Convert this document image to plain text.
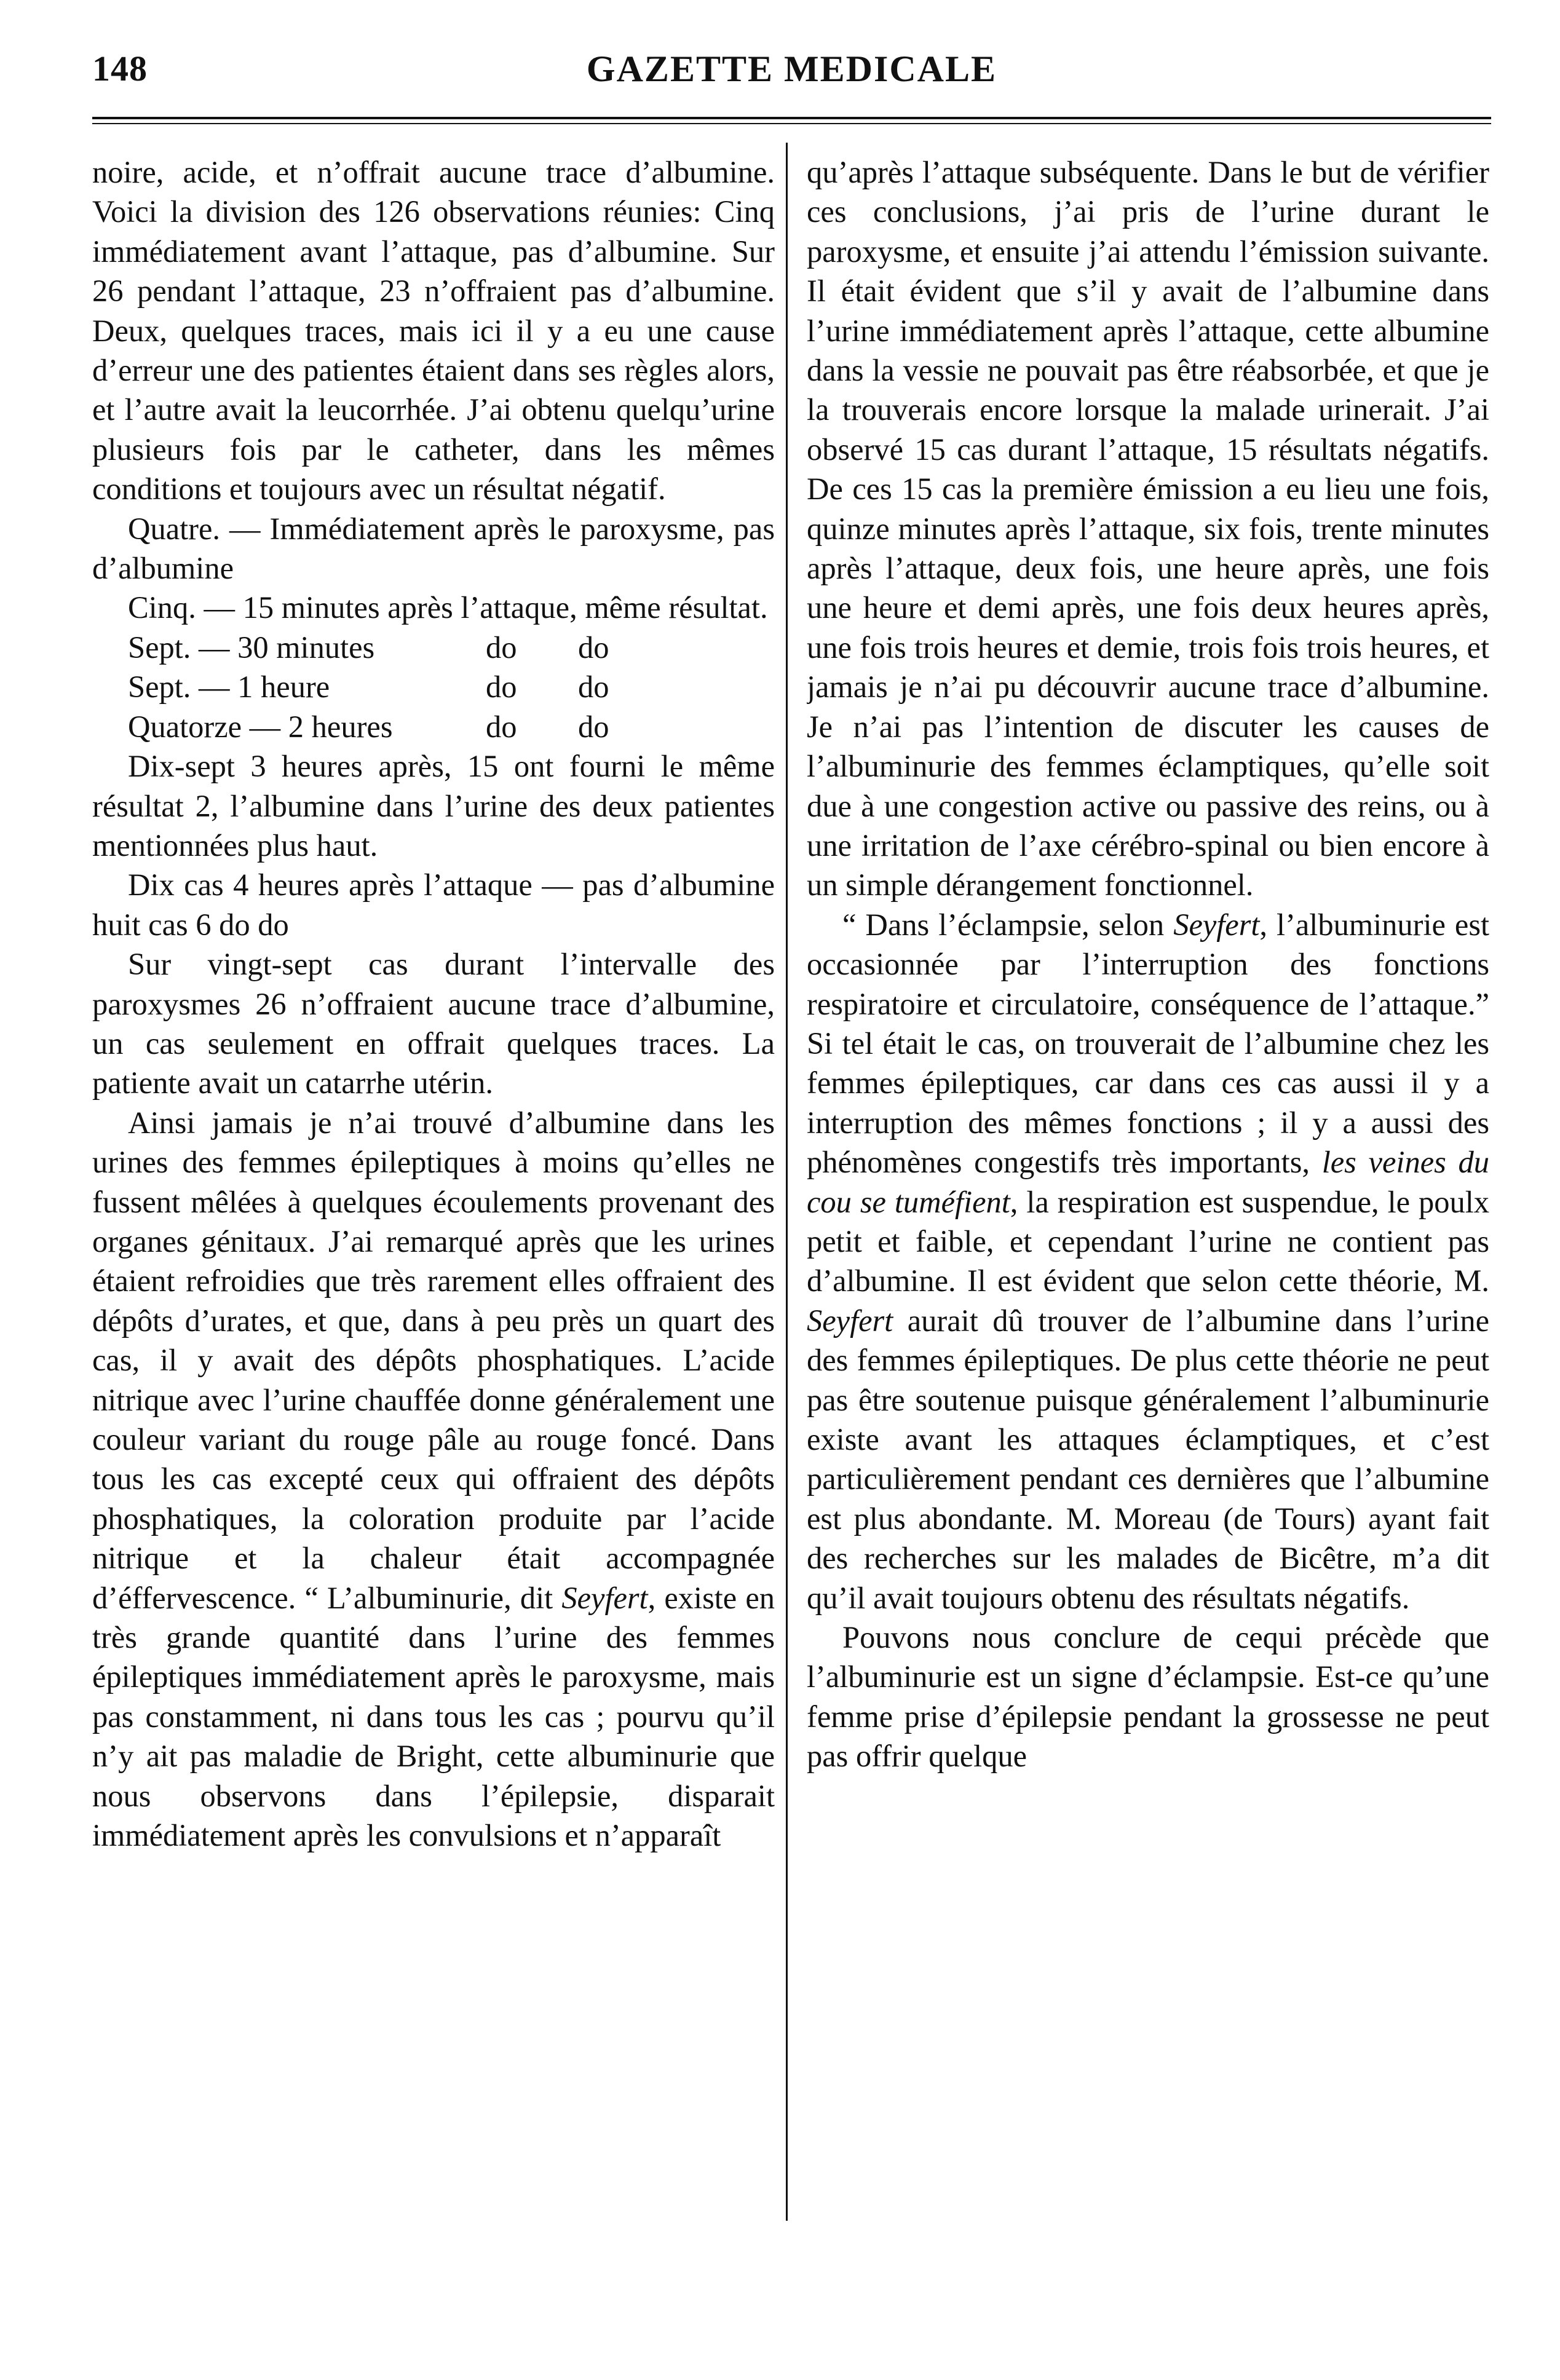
148	GAZETTE MEDICALE

noire, acide, et n’offrait aucune trace d’albumine. Voici la division des 126 observations réunies: Cinq immédiatement avant l’attaque, pas d’albumine. Sur 26 pendant l’attaque, 23 n’offraient pas d’albumine. Deux, quelques traces, mais ici il y a eu une cause d’erreur une des patientes étaient dans ses règles alors, et l’autre avait la leucorrhée. J’ai obtenu quelqu’urine plusieurs fois par le catheter, dans les mêmes conditions et toujours avec un résultat négatif.

Quatre. — Immédiatement après le paroxysme, pas d’albumine

Cinq. — 15 minutes après l’attaque, même résultat.

Sept. — 30 minutes	do	do
Sept. — 1 heure	do	do
Quatorze — 2 heures	do	do

Dix-sept 3 heures après, 15 ont fourni le même résultat 2, l’albumine dans l’urine des deux patientes mentionnées plus haut.

Dix cas 4 heures après l’attaque — pas d’albumine huit cas 6 do do

Sur vingt-sept cas durant l’intervalle des paroxysmes 26 n’offraient aucune trace d’albumine, un cas seulement en offrait quelques traces. La patiente avait un catarrhe utérin.

Ainsi jamais je n’ai trouvé d’albumine dans les urines des femmes épileptiques à moins qu’elles ne fussent mêlées à quelques écoulements provenant des organes génitaux. J’ai remarqué après que les urines étaient refroidies que très rarement elles offraient des dépôts d’urates, et que, dans à peu près un quart des cas, il y avait des dépôts phosphatiques. L’acide nitrique avec l’urine chauffée donne généralement une couleur variant du rouge pâle au rouge foncé. Dans tous les cas excepté ceux qui offraient des dépôts phosphatiques, la coloration produite par l’acide nitrique et la chaleur était accompagnée d’éffervescence. “ L’albuminurie, dit Seyfert, existe en très grande quantité dans l’urine des femmes épileptiques immédiatement après le paroxysme, mais pas constamment, ni dans tous les cas ; pourvu qu’il n’y ait pas maladie de Bright, cette albuminurie que nous observons dans l’épilepsie, disparait immédiatement après les convulsions et n’apparaît

qu’après l’attaque subséquente. Dans le but de vérifier ces conclusions, j’ai pris de l’urine durant le paroxysme, et ensuite j’ai attendu l’émission suivante. Il était évident que s’il y avait de l’albumine dans l’urine immédiatement après l’attaque, cette albumine dans la vessie ne pouvait pas être réabsorbée, et que je la trouverais encore lorsque la malade urinerait. J’ai observé 15 cas durant l’attaque, 15 résultats négatifs. De ces 15 cas la première émission a eu lieu une fois, quinze minutes après l’attaque, six fois, trente minutes après l’attaque, deux fois, une heure après, une fois une heure et demi après, une fois deux heures après, une fois trois heures et demie, trois fois trois heures, et jamais je n’ai pu découvrir aucune trace d’albumine. Je n’ai pas l’intention de discuter les causes de l’albuminurie des femmes éclamptiques, qu’elle soit due à une congestion active ou passive des reins, ou à une irritation de l’axe cérébro-spinal ou bien encore à un simple dérangement fonctionnel.

“ Dans l’éclampsie, selon Seyfert, l’albuminurie est occasionnée par l’interruption des fonctions respiratoire et circulatoire, conséquence de l’attaque.” Si tel était le cas, on trouverait de l’albumine chez les femmes épileptiques, car dans ces cas aussi il y a interruption des mêmes fonctions ; il y a aussi des phénomènes congestifs très importants, les veines du cou se tuméfient, la respiration est suspendue, le poulx petit et faible, et cependant l’urine ne contient pas d’albumine. Il est évident que selon cette théorie, M. Seyfert aurait dû trouver de l’albumine dans l’urine des femmes épileptiques. De plus cette théorie ne peut pas être soutenue puisque généralement l’albuminurie existe avant les attaques éclamptiques, et c’est particulièrement pendant ces dernières que l’albumine est plus abondante. M. Moreau (de Tours) ayant fait des recherches sur les malades de Bicêtre, m’a dit qu’il avait toujours obtenu des résultats négatifs.

Pouvons nous conclure de cequi précède que l’albuminurie est un signe d’éclampsie. Est-ce qu’une femme prise d’épilepsie pendant la grossesse ne peut pas offrir quelque
